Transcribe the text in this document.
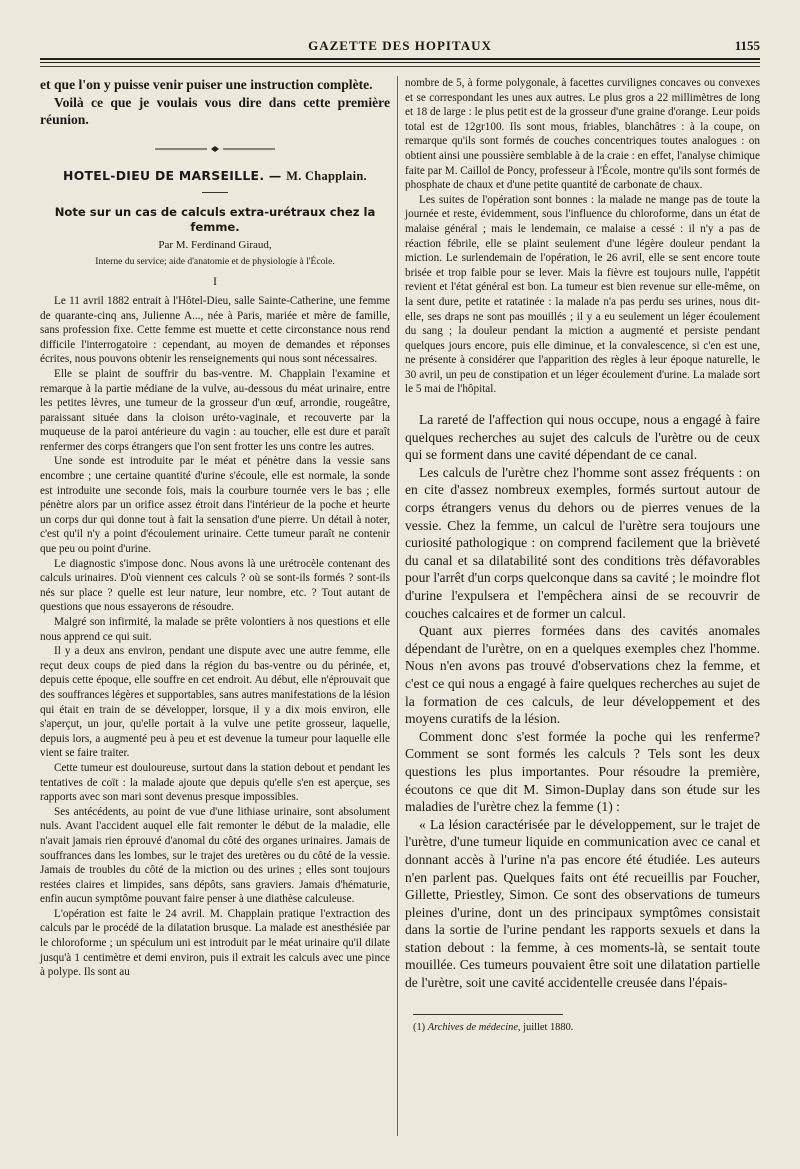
GAZETTE DES HOPITAUX	1155

et que l'on y puisse venir puiser une instruction complète.

Voilà ce que je voulais vous dire dans cette première réunion.

HOTEL-DIEU DE MARSEILLE. — M. Chapplain.
Note sur un cas de calculs extra-urétraux chez la femme.
Par M. Ferdinand Giraud,
Interne du service; aide d'anatomie et de physiologie à l'École.
I

Le 11 avril 1882 entrait à l'Hôtel-Dieu, salle Sainte-Catherine, une femme de quarante-cinq ans, Julienne A..., née à Paris, mariée et mère de famille, sans profession fixe. Cette femme est muette et cette circonstance nous rend difficile l'interrogatoire : cependant, au moyen de demandes et réponses écrites, nous pouvons obtenir les renseignements qui nous sont nécessaires.

Elle se plaint de souffrir du bas-ventre. M. Chapplain l'examine et remarque à la partie médiane de la vulve, au-dessous du méat urinaire, entre les petites lèvres, une tumeur de la grosseur d'un œuf, arrondie, rougeâtre, paraissant située dans la cloison uréto-vaginale, et recouverte par la muqueuse de la paroi antérieure du vagin : au toucher, elle est dure et paraît renfermer des corps étrangers que l'on sent frotter les uns contre les autres.

Une sonde est introduite par le méat et pénètre dans la vessie sans encombre ; une certaine quantité d'urine s'écoule, elle est normale, la sonde est introduite une seconde fois, mais la courbure tournée vers le bas ; elle pénètre alors par un orifice assez étroit dans l'intérieur de la poche et heurte un corps dur qui donne tout à fait la sensation d'une pierre. Un détail à noter, c'est qu'il n'y a point d'écoulement urinaire. Cette tumeur paraît ne contenir que peu ou point d'urine.

Le diagnostic s'impose donc. Nous avons là une urétrocèle contenant des calculs urinaires. D'où viennent ces calculs ? où se sont-ils formés ? sont-ils nés sur place ? quelle est leur nature, leur nombre, etc. ? Tout autant de questions que nous essayerons de résoudre.

Malgré son infirmité, la malade se prête volontiers à nos questions et elle nous apprend ce qui suit.

Il y a deux ans environ, pendant une dispute avec une autre femme, elle reçut deux coups de pied dans la région du bas-ventre ou du périnée, et, depuis cette époque, elle souffre en cet endroit. Au début, elle n'éprouvait que des souffrances légères et supportables, sans autres manifestations de la lésion qui était en train de se développer, lorsque, il y a dix mois environ, elle s'aperçut, un jour, qu'elle portait à la vulve une petite grosseur, laquelle, depuis lors, a augmenté peu à peu et est devenue la tumeur pour laquelle elle vient se faire traiter.

Cette tumeur est douloureuse, surtout dans la station debout et pendant les tentatives de coït : la malade ajoute que depuis qu'elle s'en est aperçue, ses rapports avec son mari sont devenus presque impossibles.

Ses antécédents, au point de vue d'une lithiase urinaire, sont absolument nuls. Avant l'accident auquel elle fait remonter le début de la maladie, elle n'avait jamais rien éprouvé d'anomal du côté des organes urinaires. Jamais de souffrances dans les lombes, sur le trajet des uretères ou du côté de la vessie. Jamais de troubles du côté de la miction ou des urines ; elles sont toujours restées claires et limpides, sans dépôts, sans graviers. Jamais d'hématurie, enfin aucun symptôme pouvant faire penser à une diathèse calculeuse.

L'opération est faite le 24 avril. M. Chapplain pratique l'extraction des calculs par le procédé de la dilatation brusque. La malade est anesthésiée par le chloroforme ; un spéculum uni est introduit par le méat urinaire qu'il dilate jusqu'à 1 centimètre et demi environ, puis il extrait les calculs avec une pince à polype. Ils sont au

nombre de 5, à forme polygonale, à facettes curvilignes concaves ou convexes et se correspondant les unes aux autres. Le plus gros a 22 millimètres de long et 18 de large : le plus petit est de la grosseur d'une graine d'orange. Leur poids total est de 12gr100. Ils sont mous, friables, blanchâtres : à la coupe, on remarque qu'ils sont formés de couches concentriques toutes analogues : on obtient ainsi une poussière semblable à de la craie : en effet, l'analyse chimique faite par M. Caillol de Poncy, professeur à l'École, montre qu'ils sont formés de phosphate de chaux et d'une petite quantité de carbonate de chaux.

Les suites de l'opération sont bonnes : la malade ne mange pas de toute la journée et reste, évidemment, sous l'influence du chloroforme, dans un état de malaise général ; mais le lendemain, ce malaise a cessé : il n'y a pas de réaction fébrile, elle se plaint seulement d'une légère douleur pendant la miction. Le surlendemain de l'opération, le 26 avril, elle se sent encore toute brisée et trop faible pour se lever. Mais la fièvre est toujours nulle, l'appétit revient et l'état général est bon. La tumeur est bien revenue sur elle-même, on la sent dure, petite et ratatinée : la malade n'a pas perdu ses urines, nous dit-elle, ses draps ne sont pas mouillés ; il y a eu seulement un léger écoulement du sang ; la douleur pendant la miction a augmenté et persiste pendant quelques jours encore, puis elle diminue, et la convalescence, si c'en est une, ne présente à considérer que l'apparition des règles à leur époque naturelle, le 30 avril, un peu de constipation et un léger écoulement d'urine. La malade sort le 5 mai de l'hôpital.

La rareté de l'affection qui nous occupe, nous a engagé à faire quelques recherches au sujet des calculs de l'urètre ou de ceux qui se forment dans une cavité dépendant de ce canal.

Les calculs de l'urètre chez l'homme sont assez fréquents : on en cite d'assez nombreux exemples, formés surtout autour de corps étrangers venus du dehors ou de pierres venues de la vessie. Chez la femme, un calcul de l'urètre sera toujours une curiosité pathologique : on comprend facilement que la brièveté du canal et sa dilatabilité sont des conditions très défavorables pour l'arrêt d'un corps quelconque dans sa cavité ; le moindre flot d'urine l'expulsera et l'empêchera ainsi de se recouvrir de couches calcaires et de former un calcul.

Quant aux pierres formées dans des cavités anomales dépendant de l'urètre, on en a quelques exemples chez l'homme. Nous n'en avons pas trouvé d'observations chez la femme, et c'est ce qui nous a engagé à faire quelques recherches au sujet de la formation de ces calculs, de leur développement et des moyens curatifs de la lésion.

Comment donc s'est formée la poche qui les renferme? Comment se sont formés les calculs ? Tels sont les deux questions les plus importantes. Pour résoudre la première, écoutons ce que dit M. Simon-Duplay dans son étude sur les maladies de l'urètre chez la femme (1) :

« La lésion caractérisée par le développement, sur le trajet de l'urètre, d'une tumeur liquide en communication avec ce canal et donnant accès à l'urine n'a pas encore été étudiée. Les auteurs n'en parlent pas. Quelques faits ont été recueillis par Foucher, Gillette, Priestley, Simon. Ce sont des observations de tumeurs pleines d'urine, dont un des principaux symptômes consistait dans la sortie de l'urine pendant les rapports sexuels et dans la station debout : la femme, à ces moments-là, se sentait toute mouillée. Ces tumeurs pouvaient être soit une dilatation partielle de l'urètre, soit une cavité accidentelle creusée dans l'épais-

(1) Archives de médecine, juillet 1880.
